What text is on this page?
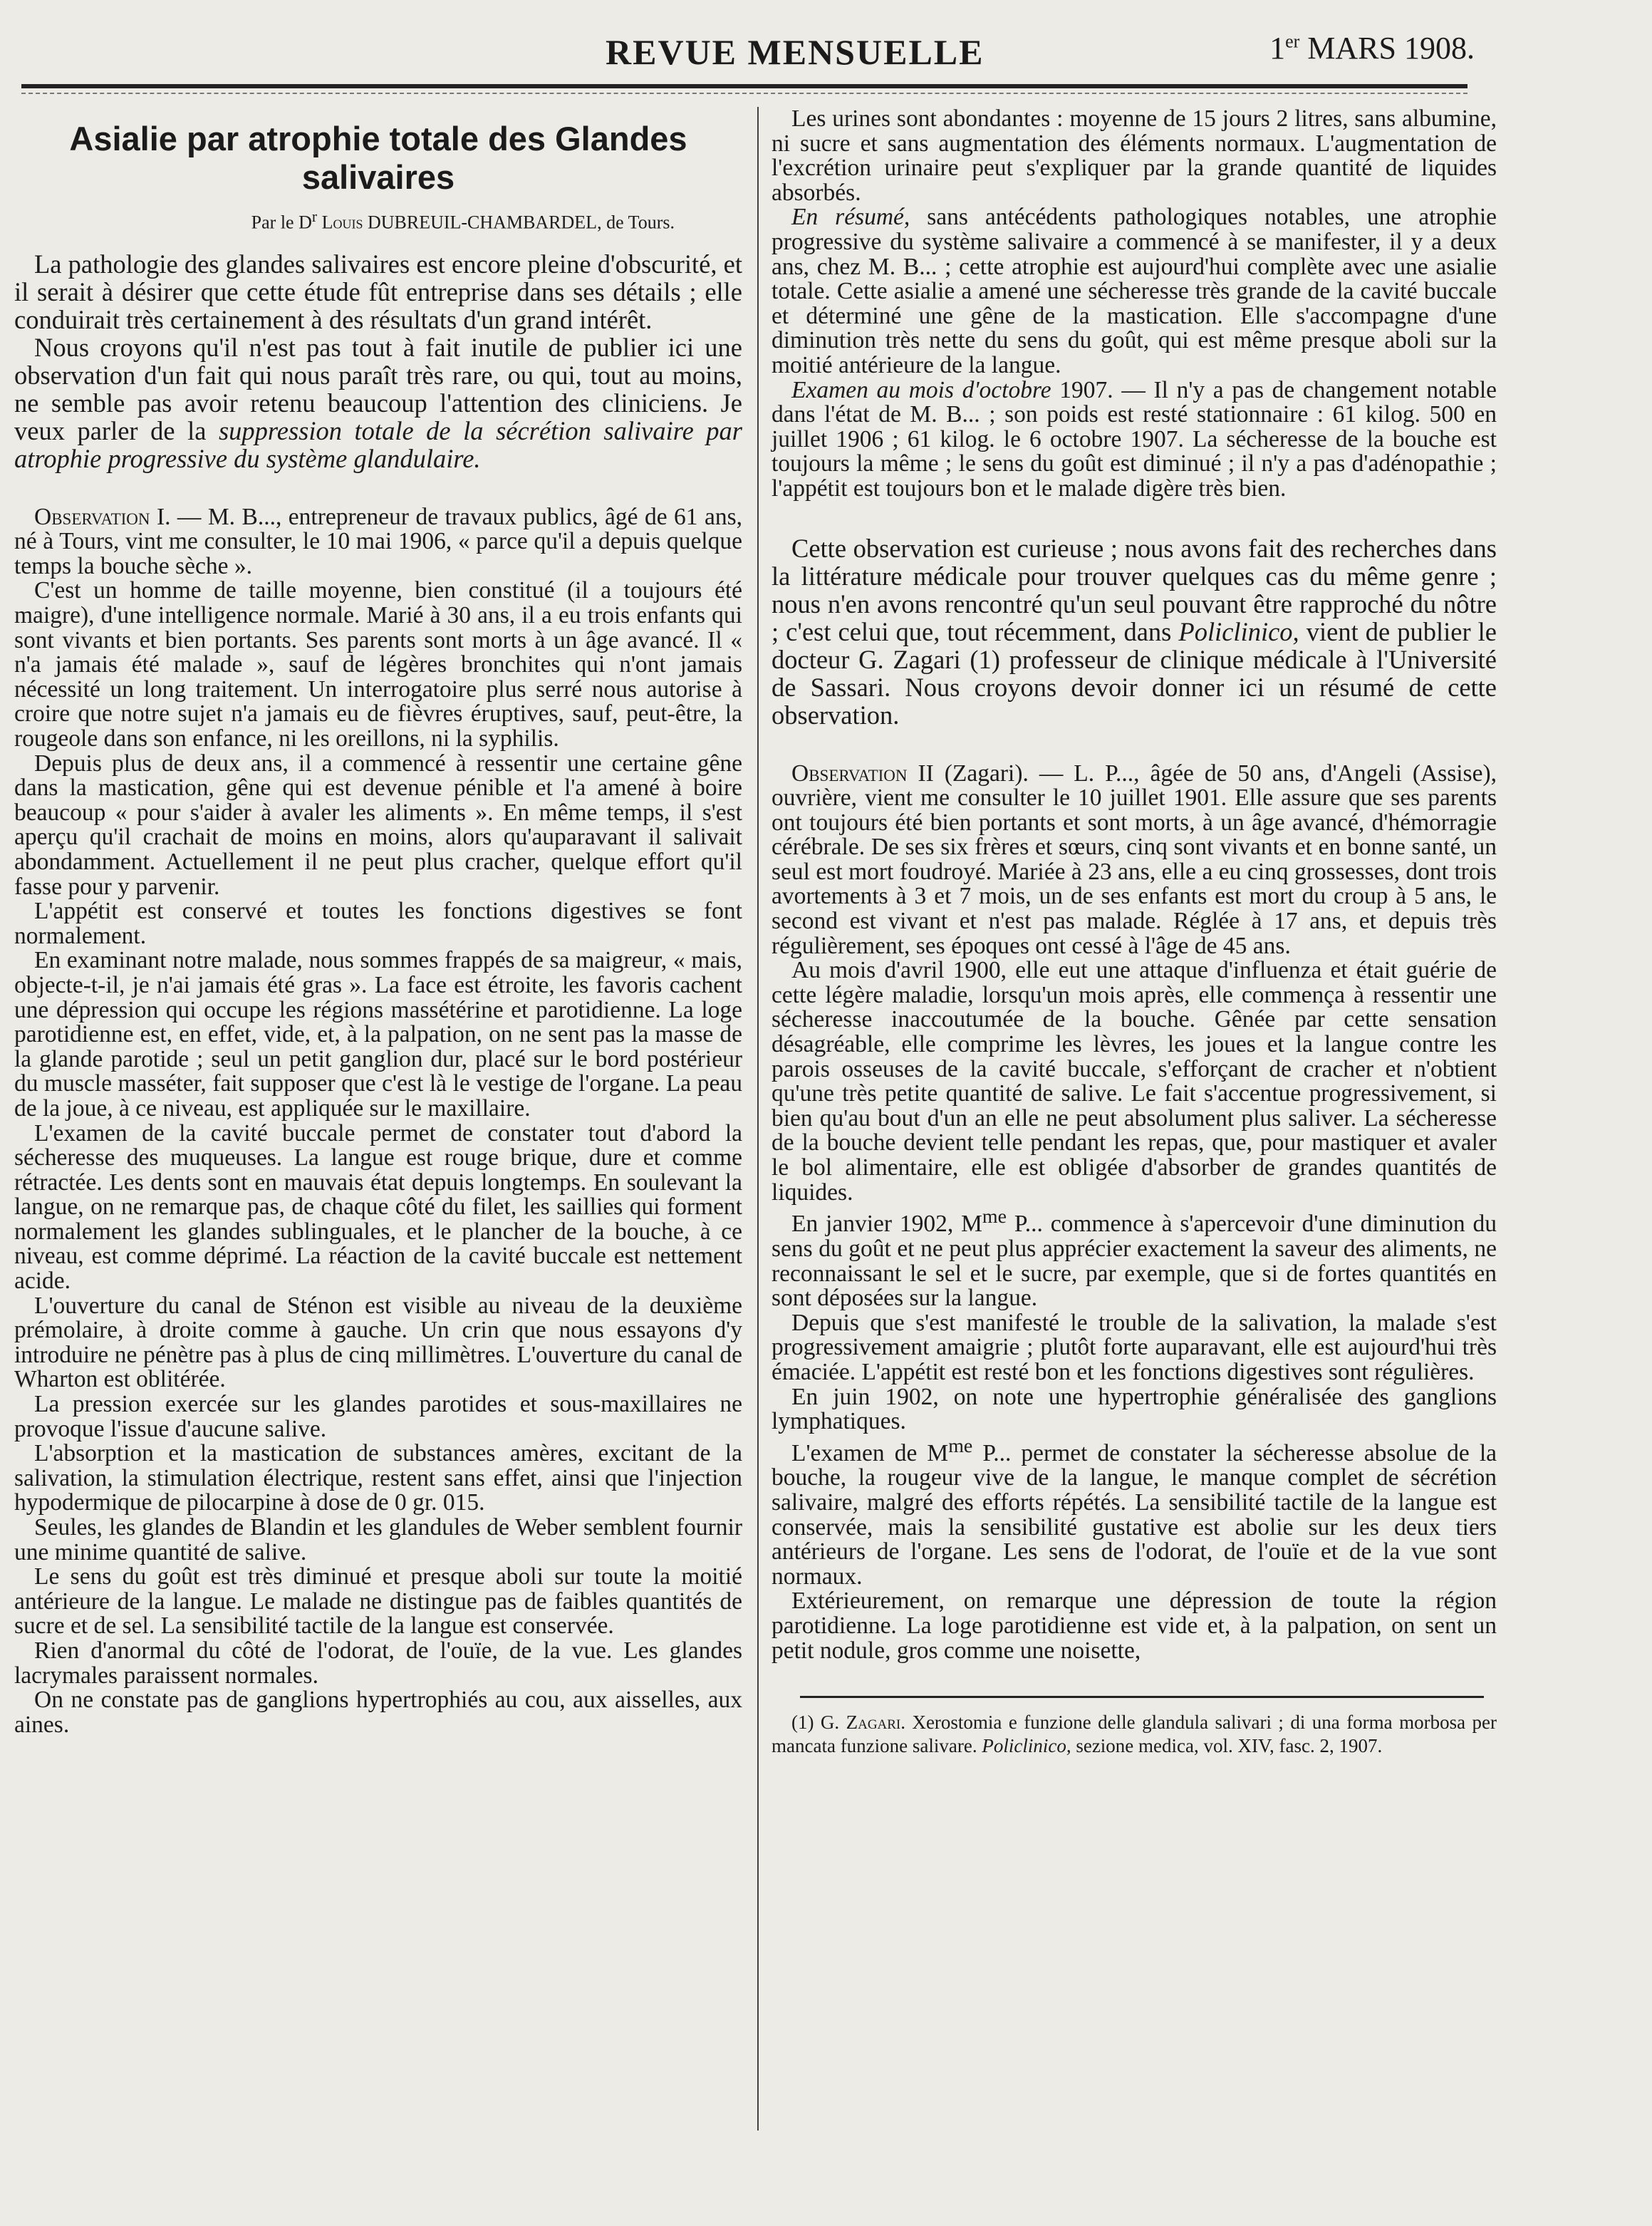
REVUE MENSUELLE	1er MARS 1908.
Asialie par atrophie totale des Glandes salivaires
Par le $D^r$ Louis DUBREUIL-CHAMBARDEL, de Tours.

La pathologie des glandes salivaires est encore pleine d'obscurité, et il serait à désirer que cette étude fût entreprise dans ses détails ; elle conduirait très certainement à des résultats d'un grand intérêt.

Nous croyons qu'il n'est pas tout à fait inutile de publier ici une observation d'un fait qui nous paraît très rare, ou qui, tout au moins, ne semble pas avoir retenu beaucoup l'attention des cliniciens. Je veux parler de la suppression totale de la sécrétion salivaire par atrophie progressive du système glandulaire.

Observation I. — M. B..., entrepreneur de travaux publics, âgé de 61 ans, né à Tours, vint me consulter, le 10 mai 1906, « parce qu'il a depuis quelque temps la bouche sèche ».

C'est un homme de taille moyenne, bien constitué (il a toujours été maigre), d'une intelligence normale. Marié à 30 ans, il a eu trois enfants qui sont vivants et bien portants. Ses parents sont morts à un âge avancé. Il « n'a jamais été malade », sauf de légères bronchites qui n'ont jamais nécessité un long traitement. Un interrogatoire plus serré nous autorise à croire que notre sujet n'a jamais eu de fièvres éruptives, sauf, peut-être, la rougeole dans son enfance, ni les oreillons, ni la syphilis.

Depuis plus de deux ans, il a commencé à ressentir une certaine gêne dans la mastication, gêne qui est devenue pénible et l'a amené à boire beaucoup « pour s'aider à avaler les aliments ». En même temps, il s'est aperçu qu'il crachait de moins en moins, alors qu'auparavant il salivait abondamment. Actuellement il ne peut plus cracher, quelque effort qu'il fasse pour y parvenir.

L'appétit est conservé et toutes les fonctions digestives se font normalement.

En examinant notre malade, nous sommes frappés de sa maigreur, « mais, objecte-t-il, je n'ai jamais été gras ». La face est étroite, les favoris cachent une dépression qui occupe les régions massétérine et parotidienne. La loge parotidienne est, en effet, vide, et, à la palpation, on ne sent pas la masse de la glande parotide ; seul un petit ganglion dur, placé sur le bord postérieur du muscle masséter, fait supposer que c'est là le vestige de l'organe. La peau de la joue, à ce niveau, est appliquée sur le maxillaire.

L'examen de la cavité buccale permet de constater tout d'abord la sécheresse des muqueuses. La langue est rouge brique, dure et comme rétractée. Les dents sont en mauvais état depuis longtemps. En soulevant la langue, on ne remarque pas, de chaque côté du filet, les saillies qui forment normalement les glandes sublinguales, et le plancher de la bouche, à ce niveau, est comme déprimé. La réaction de la cavité buccale est nettement acide.

L'ouverture du canal de Sténon est visible au niveau de la deuxième prémolaire, à droite comme à gauche. Un crin que nous essayons d'y introduire ne pénètre pas à plus de cinq millimètres. L'ouverture du canal de Wharton est oblitérée.

La pression exercée sur les glandes parotides et sous-maxillaires ne provoque l'issue d'aucune salive.

L'absorption et la mastication de substances amères, excitant de la salivation, la stimulation électrique, restent sans effet, ainsi que l'injection hypodermique de pilocarpine à dose de 0 gr. 015.

Seules, les glandes de Blandin et les glandules de Weber semblent fournir une minime quantité de salive.

Le sens du goût est très diminué et presque aboli sur toute la moitié antérieure de la langue. Le malade ne distingue pas de faibles quantités de sucre et de sel. La sensibilité tactile de la langue est conservée.

Rien d'anormal du côté de l'odorat, de l'ouïe, de la vue. Les glandes lacrymales paraissent normales.

On ne constate pas de ganglions hypertrophiés au cou, aux aisselles, aux aines.

Les urines sont abondantes : moyenne de 15 jours 2 litres, sans albumine, ni sucre et sans augmentation des éléments normaux. L'augmentation de l'excrétion urinaire peut s'expliquer par la grande quantité de liquides absorbés.

En résumé, sans antécédents pathologiques notables, une atrophie progressive du système salivaire a commencé à se manifester, il y a deux ans, chez M. B... ; cette atrophie est aujourd'hui complète avec une asialie totale. Cette asialie a amené une sécheresse très grande de la cavité buccale et déterminé une gêne de la mastication. Elle s'accompagne d'une diminution très nette du sens du goût, qui est même presque aboli sur la moitié antérieure de la langue.

Examen au mois d'octobre 1907. — Il n'y a pas de changement notable dans l'état de M. B... ; son poids est resté stationnaire : 61 kilog. 500 en juillet 1906 ; 61 kilog. le 6 octobre 1907. La sécheresse de la bouche est toujours la même ; le sens du goût est diminué ; il n'y a pas d'adénopathie ; l'appétit est toujours bon et le malade digère très bien.

Cette observation est curieuse ; nous avons fait des recherches dans la littérature médicale pour trouver quelques cas du même genre ; nous n'en avons rencontré qu'un seul pouvant être rapproché du nôtre ; c'est celui que, tout récemment, dans Policlinico, vient de publier le docteur G. Zagari (1) professeur de clinique médicale à l'Université de Sassari. Nous croyons devoir donner ici un résumé de cette observation.

Observation II (Zagari). — L. P..., âgée de 50 ans, d'Angeli (Assise), ouvrière, vient me consulter le 10 juillet 1901. Elle assure que ses parents ont toujours été bien portants et sont morts, à un âge avancé, d'hémorragie cérébrale. De ses six frères et sœurs, cinq sont vivants et en bonne santé, un seul est mort foudroyé. Mariée à 23 ans, elle a eu cinq grossesses, dont trois avortements à 3 et 7 mois, un de ses enfants est mort du croup à 5 ans, le second est vivant et n'est pas malade. Réglée à 17 ans, et depuis très régulièrement, ses époques ont cessé à l'âge de 45 ans.

Au mois d'avril 1900, elle eut une attaque d'influenza et était guérie de cette légère maladie, lorsqu'un mois après, elle commença à ressentir une sécheresse inaccoutumée de la bouche. Gênée par cette sensation désagréable, elle comprime les lèvres, les joues et la langue contre les parois osseuses de la cavité buccale, s'efforçant de cracher et n'obtient qu'une très petite quantité de salive. Le fait s'accentue progressivement, si bien qu'au bout d'un an elle ne peut absolument plus saliver. La sécheresse de la bouche devient telle pendant les repas, que, pour mastiquer et avaler le bol alimentaire, elle est obligée d'absorber de grandes quantités de liquides.

En janvier 1902, $M^{me}$ P... commence à s'apercevoir d'une diminution du sens du goût et ne peut plus apprécier exactement la saveur des aliments, ne reconnaissant le sel et le sucre, par exemple, que si de fortes quantités en sont déposées sur la langue.

Depuis que s'est manifesté le trouble de la salivation, la malade s'est progressivement amaigrie ; plutôt forte auparavant, elle est aujourd'hui très émaciée. L'appétit est resté bon et les fonctions digestives sont régulières.

En juin 1902, on note une hypertrophie généralisée des ganglions lymphatiques.

L'examen de $M^{me}$ P... permet de constater la sécheresse absolue de la bouche, la rougeur vive de la langue, le manque complet de sécrétion salivaire, malgré des efforts répétés. La sensibilité tactile de la langue est conservée, mais la sensibilité gustative est abolie sur les deux tiers antérieurs de l'organe. Les sens de l'odorat, de l'ouïe et de la vue sont normaux.

Extérieurement, on remarque une dépression de toute la région parotidienne. La loge parotidienne est vide et, à la palpation, on sent un petit nodule, gros comme une noisette,

(1) G. Zagari. Xerostomia e funzione delle glandula salivari ; di una forma morbosa per mancata funzione salivare. Policlinico, sezione medica, vol. XIV, fasc. 2, 1907.
